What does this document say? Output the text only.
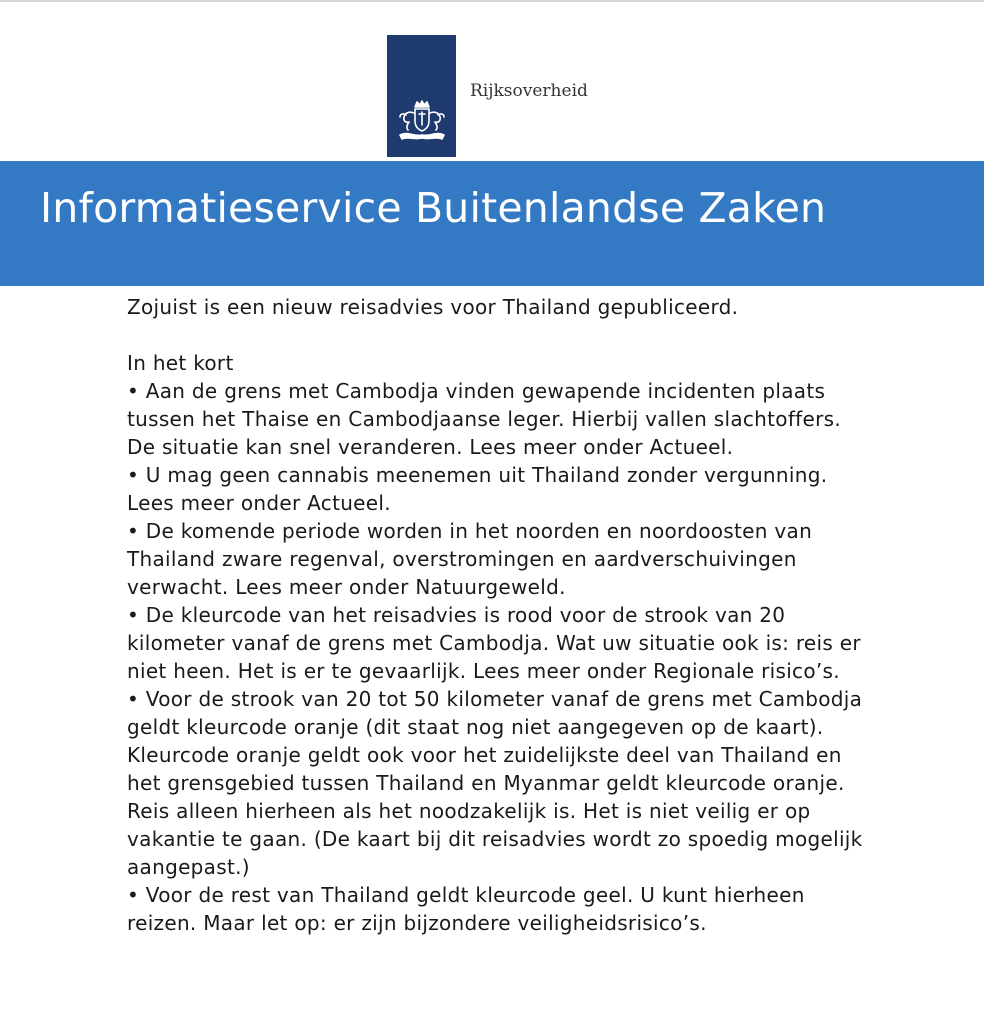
Rijksoverheid
Informatieservice Buitenlandse Zaken

Zojuist is een nieuw reisadvies voor Thailand gepubliceerd.

In het kort

• Aan de grens met Cambodja vinden gewapende incidenten plaats tussen het Thaise en Cambodjaanse leger. Hierbij vallen slachtoffers. De situatie kan snel veranderen. Lees meer onder Actueel.

• U mag geen cannabis meenemen uit Thailand zonder vergunning. Lees meer onder Actueel.

• De komende periode worden in het noorden en noordoosten van Thailand zware regenval, overstromingen en aardverschuivingen verwacht. Lees meer onder Natuurgeweld.

• De kleurcode van het reisadvies is rood voor de strook van 20 kilometer vanaf de grens met Cambodja. Wat uw situatie ook is: reis er niet heen. Het is er te gevaarlijk. Lees meer onder Regionale risico’s.

• Voor de strook van 20 tot 50 kilometer vanaf de grens met Cambodja geldt kleurcode oranje (dit staat nog niet aangegeven op de kaart). Kleurcode oranje geldt ook voor het zuidelijkste deel van Thailand en het grensgebied tussen Thailand en Myanmar geldt kleurcode oranje. Reis alleen hierheen als het noodzakelijk is. Het is niet veilig er op vakantie te gaan. (De kaart bij dit reisadvies wordt zo spoedig mogelijk aangepast.)

• Voor de rest van Thailand geldt kleurcode geel. U kunt hierheen reizen. Maar let op: er zijn bijzondere veiligheidsrisico’s.
